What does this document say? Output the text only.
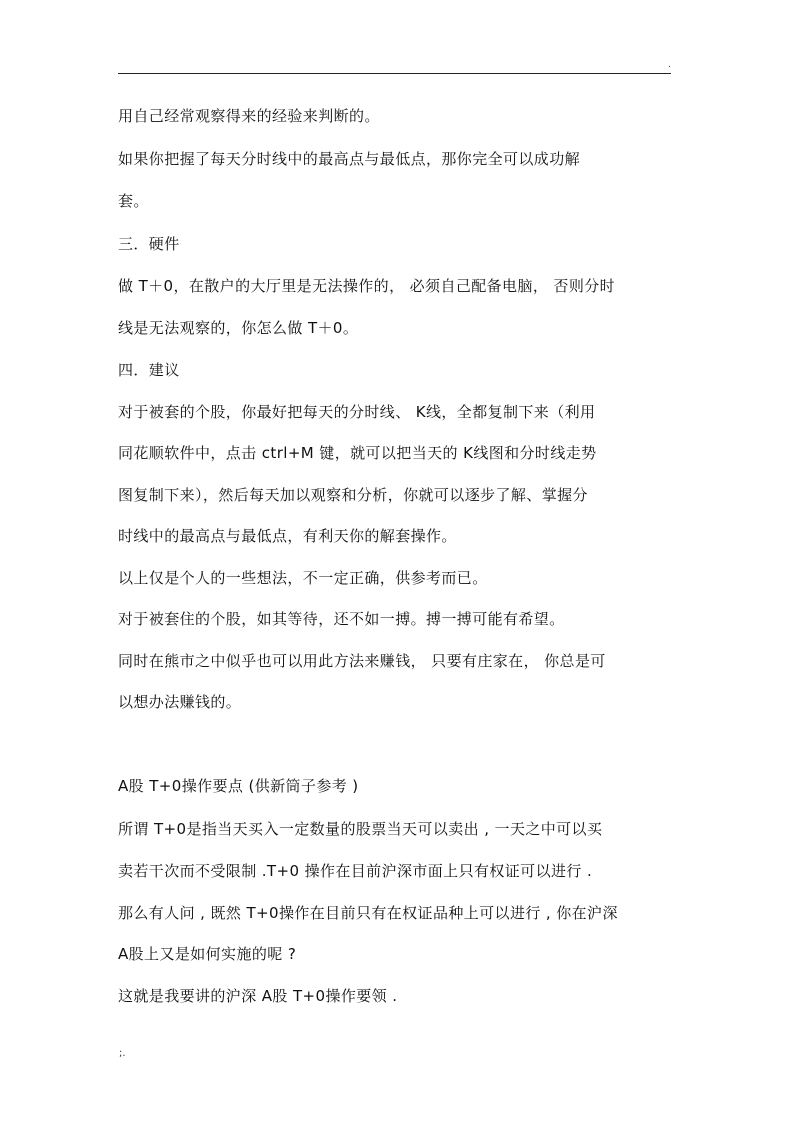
.
用自己经常观察得来的经验来判断的。
如果你把握了每天分时线中的最高点与最低点，那你完全可以成功解
套。
三．硬件
做 T＋0，在散户的大厅里是无法操作的， 必须自己配备电脑， 否则分时
线是无法观察的，你怎么做 T＋0。
四．建议
对于被套的个股，你最好把每天的分时线、 K线，全都复制下来（利用
同花顺软件中，点击 ctrl+M 键，就可以把当天的 K线图和分时线走势
图复制下来），然后每天加以观察和分析，你就可以逐步了解、掌握分
时线中的最高点与最低点，有利天你的解套操作。
以上仅是个人的一些想法，不一定正确，供参考而已。
对于被套住的个股，如其等待，还不如一搏。搏一搏可能有希望。
同时在熊市之中似乎也可以用此方法来赚钱， 只要有庄家在， 你总是可
以想办法赚钱的。
A股 T+0操作要点 (供新筒子参考 )
所谓 T+0是指当天买入一定数量的股票当天可以卖出 , 一天之中可以买
卖若干次而不受限制 .T+0 操作在目前沪深市面上只有权证可以进行 .
那么有人问 , 既然 T+0操作在目前只有在权证品种上可以进行 , 你在沪深
A股上又是如何实施的呢 ?
这就是我要讲的沪深 A股 T+0操作要领 .
;.
